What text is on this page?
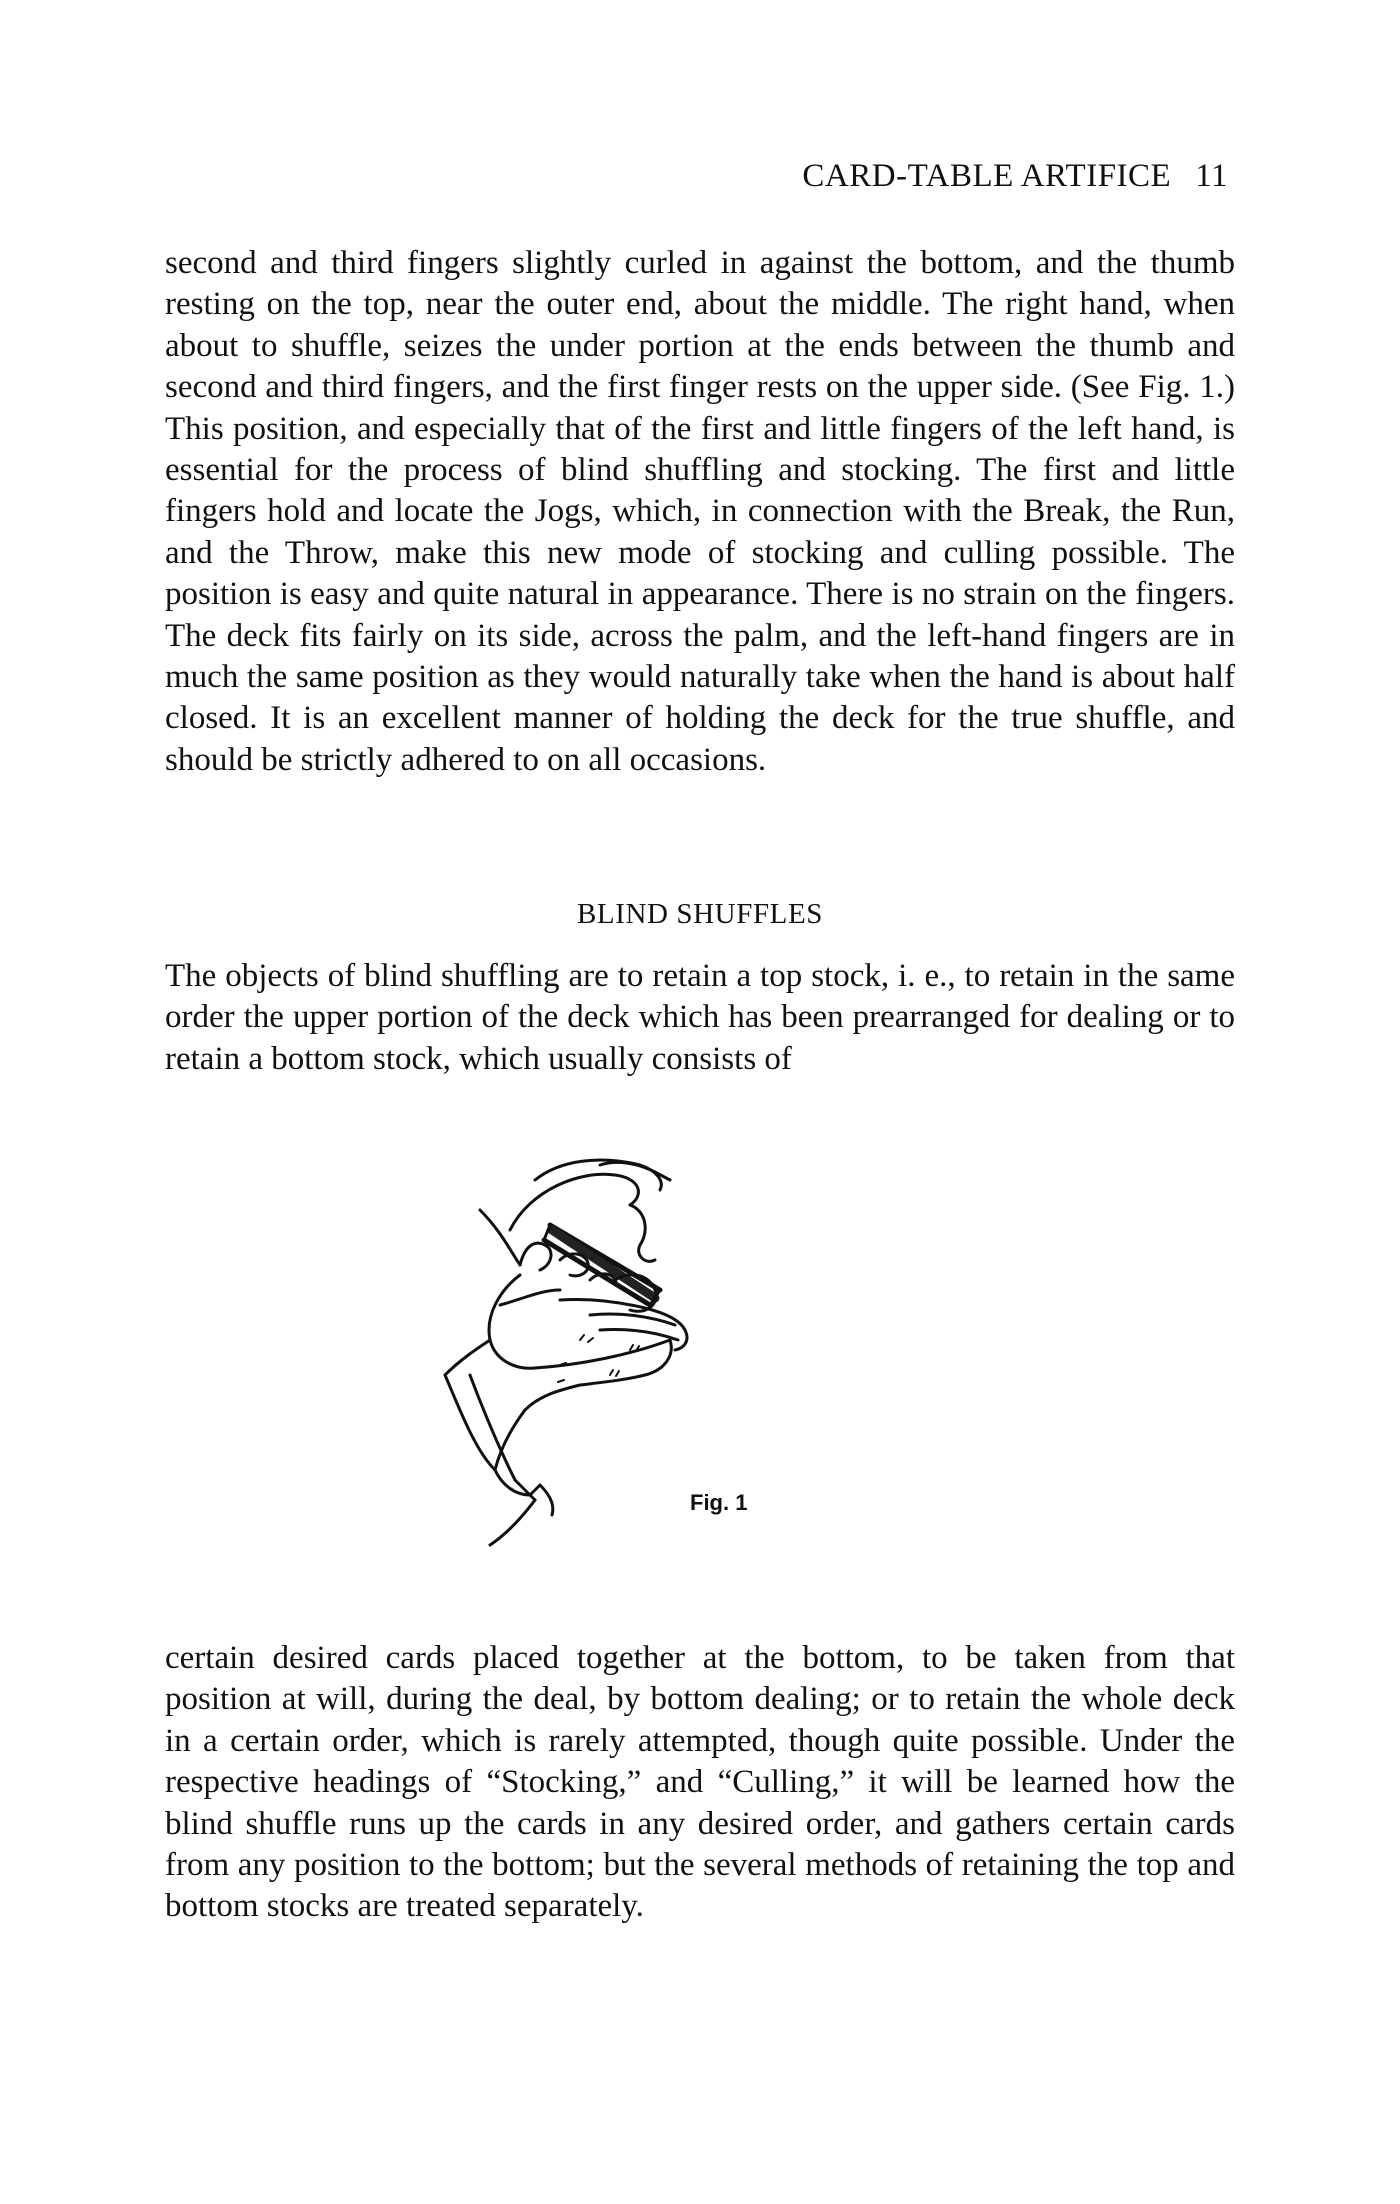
CARD-TABLE ARTIFICE 11

second and third fingers slightly curled in against the bottom, and the thumb resting on the top, near the outer end, about the middle. The right hand, when about to shuffle, seizes the under portion at the ends between the thumb and second and third fingers, and the first finger rests on the upper side. (See Fig. 1.) This position, and especially that of the first and little fingers of the left hand, is essential for the process of blind shuffling and stocking. The first and little fingers hold and locate the Jogs, which, in connection with the Break, the Run, and the Throw, make this new mode of stocking and culling possible. The position is easy and quite natural in appearance. There is no strain on the fingers. The deck fits fairly on its side, across the palm, and the left-hand fingers are in much the same position as they would naturally take when the hand is about half closed. It is an excellent manner of holding the deck for the true shuffle, and should be strictly adhered to on all occasions.

BLIND SHUFFLES

The objects of blind shuffling are to retain a top stock, i. e., to retain in the same order the upper portion of the deck which has been prearranged for dealing or to retain a bottom stock, which usually consists of

Fig. 1

certain desired cards placed together at the bottom, to be taken from that position at will, during the deal, by bottom dealing; or to retain the whole deck in a certain order, which is rarely attempted, though quite possible. Under the respective headings of “Stocking,” and “Culling,” it will be learned how the blind shuffle runs up the cards in any desired order, and gathers certain cards from any position to the bottom; but the several methods of retaining the top and bottom stocks are treated separately.
